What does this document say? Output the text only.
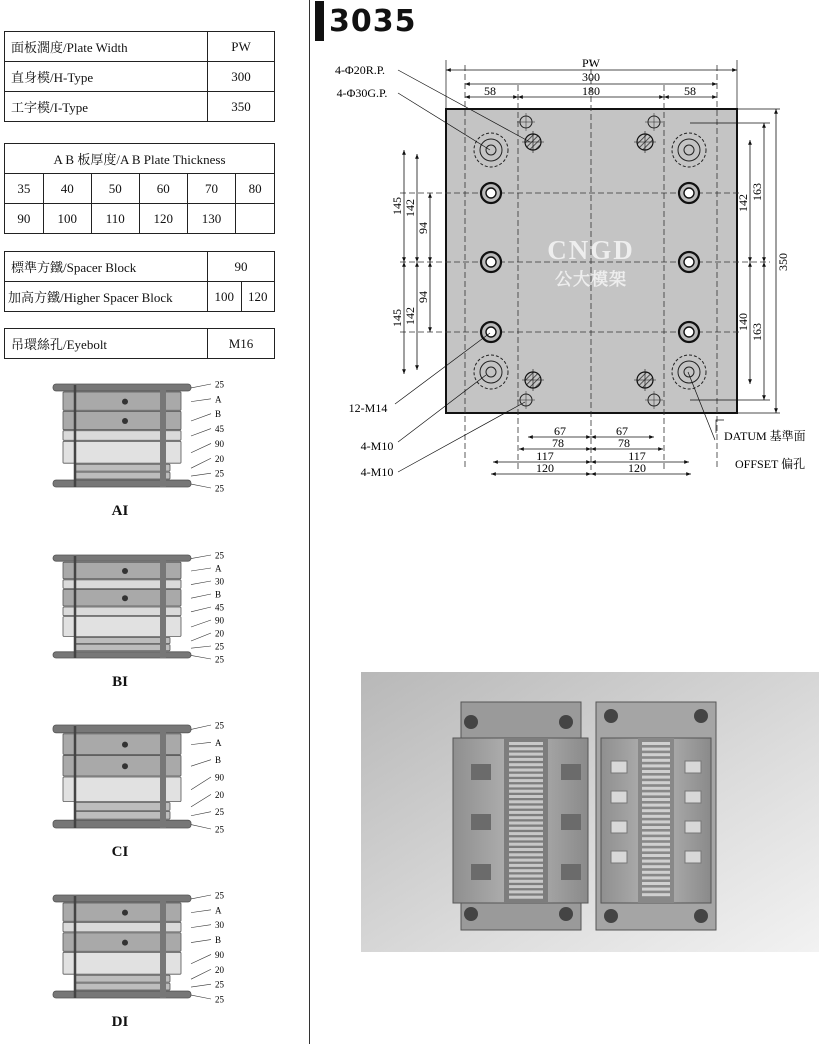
面板濶度/Plate Width	PW
直身模/H-Type	300
工字模/I-Type	350
A B 板厚度/A B Plate Thickness					
35	40	50	60	70	80
90	100	110	120	130	
標準方鐵/Spacer Block	90	
加高方鐵/Higher Spacer Block	100	120
吊環絲孔/Eyebolt	M16
25
A
B
45
90
20
25
25
AI
25
A
30
B
45
90
20
25
25
BI
25
A
B
90
20
25
25
CI
25
A
30
B
90
20
25
25
DI
3035
CNGD
公大模架
PW
300
180
58	58
350
163
163
142
140
145
145
142
142
94
94
67	67
78	78
117	117
120	120
4-Φ20R.P.
4-Φ30G.P.
12-M14
4-M10
4-M10
DATUM 基準面
OFFSET 偏孔
